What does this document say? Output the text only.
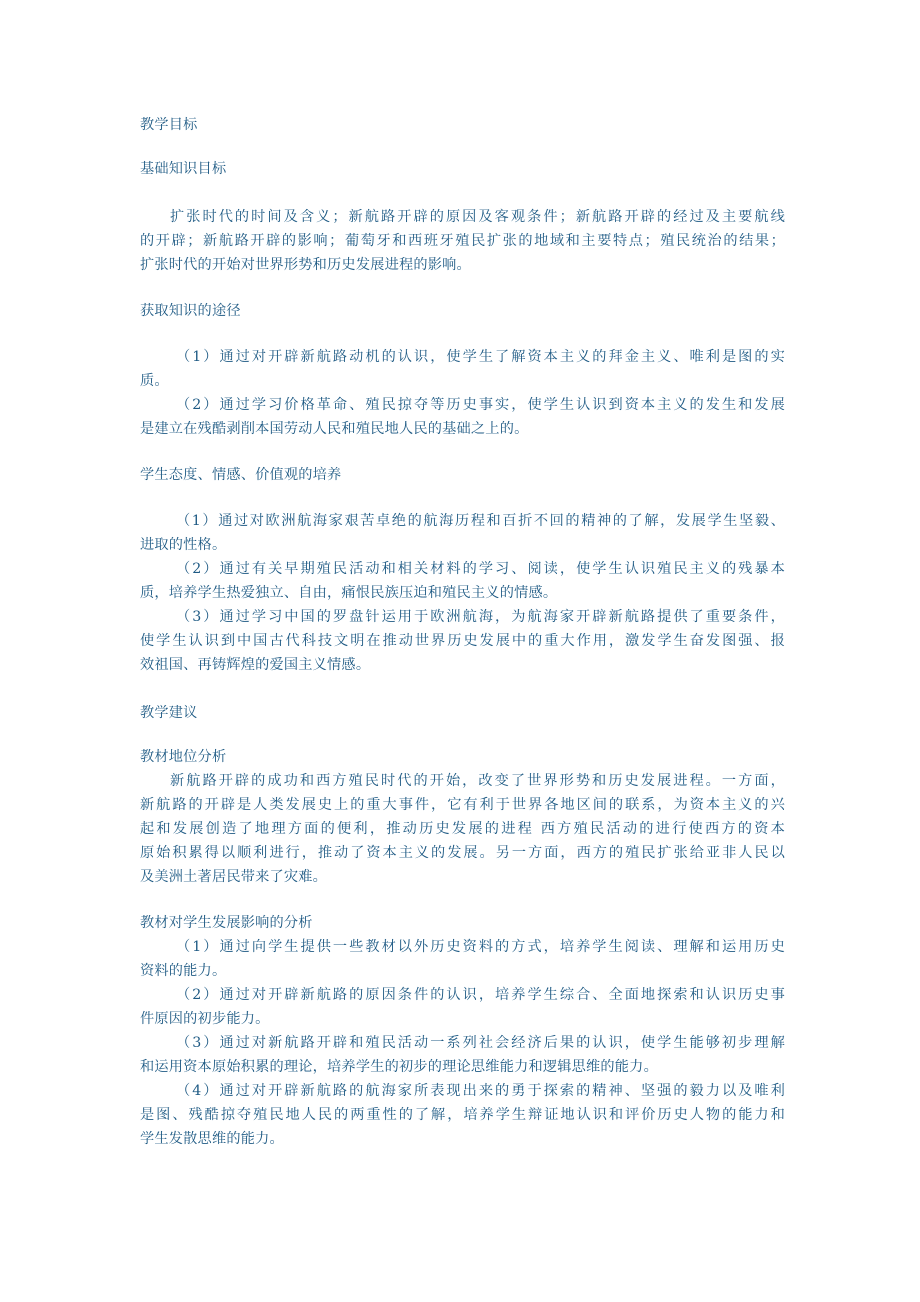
教学目标
基础知识目标
扩张时代的时间及含义；新航路开辟的原因及客观条件；新航路开辟的经过及主要航线
的开辟；新航路开辟的影响；葡萄牙和西班牙殖民扩张的地域和主要特点；殖民统治的结果；
扩张时代的开始对世界形势和历史发展进程的影响。
获取知识的途径
（1）通过对开辟新航路动机的认识，使学生了解资本主义的拜金主义、唯利是图的实
质。
（2）通过学习价格革命、殖民掠夺等历史事实，使学生认识到资本主义的发生和发展
是建立在残酷剥削本国劳动人民和殖民地人民的基础之上的。
学生态度、情感、价值观的培养
（1）通过对欧洲航海家艰苦卓绝的航海历程和百折不回的精神的了解，发展学生坚毅、
进取的性格。
（2）通过有关早期殖民活动和相关材料的学习、阅读，使学生认识殖民主义的残暴本
质，培养学生热爱独立、自由，痛恨民族压迫和殖民主义的情感。
（3）通过学习中国的罗盘针运用于欧洲航海，为航海家开辟新航路提供了重要条件，
使学生认识到中国古代科技文明在推动世界历史发展中的重大作用，激发学生奋发图强、报
效祖国、再铸辉煌的爱国主义情感。
教学建议
教材地位分析
新航路开辟的成功和西方殖民时代的开始，改变了世界形势和历史发展进程。一方面，
新航路的开辟是人类发展史上的重大事件，它有利于世界各地区间的联系，为资本主义的兴
起和发展创造了地理方面的便利，推动历史发展的进程 西方殖民活动的进行使西方的资本
原始积累得以顺利进行，推动了资本主义的发展。另一方面，西方的殖民扩张给亚非人民以
及美洲土著居民带来了灾难。
教材对学生发展影响的分析
（1）通过向学生提供一些教材以外历史资料的方式，培养学生阅读、理解和运用历史
资料的能力。
（2）通过对开辟新航路的原因条件的认识，培养学生综合、全面地探索和认识历史事
件原因的初步能力。
（3）通过对新航路开辟和殖民活动一系列社会经济后果的认识，使学生能够初步理解
和运用资本原始积累的理论，培养学生的初步的理论思维能力和逻辑思维的能力。
（4）通过对开辟新航路的航海家所表现出来的勇于探索的精神、坚强的毅力以及唯利
是图、残酷掠夺殖民地人民的两重性的了解，培养学生辩证地认识和评价历史人物的能力和
学生发散思维的能力。
